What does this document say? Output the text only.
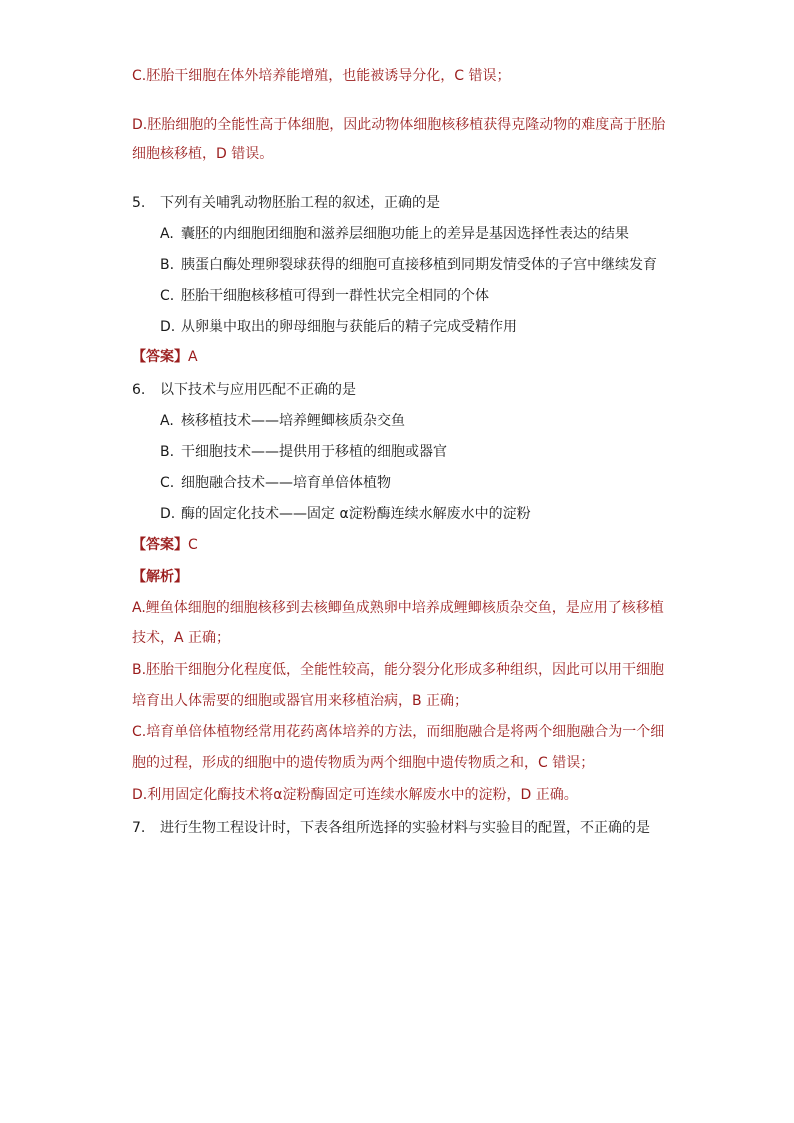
C.胚胎干细胞在体外培养能增殖，也能被诱导分化，C 错误；
D.胚胎细胞的全能性高于体细胞，因此动物体细胞核移植获得克隆动物的难度高于胚胎
细胞核移植，D 错误。
5. 下列有关哺乳动物胚胎工程的叙述，正确的是
A. 囊胚的内细胞团细胞和滋养层细胞功能上的差异是基因选择性表达的结果
B. 胰蛋白酶处理卵裂球获得的细胞可直接移植到同期发情受体的子宫中继续发育
C. 胚胎干细胞核移植可得到一群性状完全相同的个体
D. 从卵巢中取出的卵母细胞与获能后的精子完成受精作用
【答案】A
6. 以下技术与应用匹配不正确的是
A. 核移植技术——培养鲤鲫核质杂交鱼
B. 干细胞技术——提供用于移植的细胞或器官
C. 细胞融合技术——培育单倍体植物
D. 酶的固定化技术——固定 α淀粉酶连续水解废水中的淀粉
【答案】C
【解析】
A.鲤鱼体细胞的细胞核移到去核鲫鱼成熟卵中培养成鲤鲫核质杂交鱼，是应用了核移植
技术，A 正确；
B.胚胎干细胞分化程度低，全能性较高，能分裂分化形成多种组织，因此可以用干细胞
培育出人体需要的细胞或器官用来移植治病，B 正确；
C.培育单倍体植物经常用花药离体培养的方法，而细胞融合是将两个细胞融合为一个细
胞的过程，形成的细胞中的遗传物质为两个细胞中遗传物质之和，C 错误；
D.利用固定化酶技术将α淀粉酶固定可连续水解废水中的淀粉，D 正确。
7. 进行生物工程设计时，下表各组所选择的实验材料与实验目的配置，不正确的是
